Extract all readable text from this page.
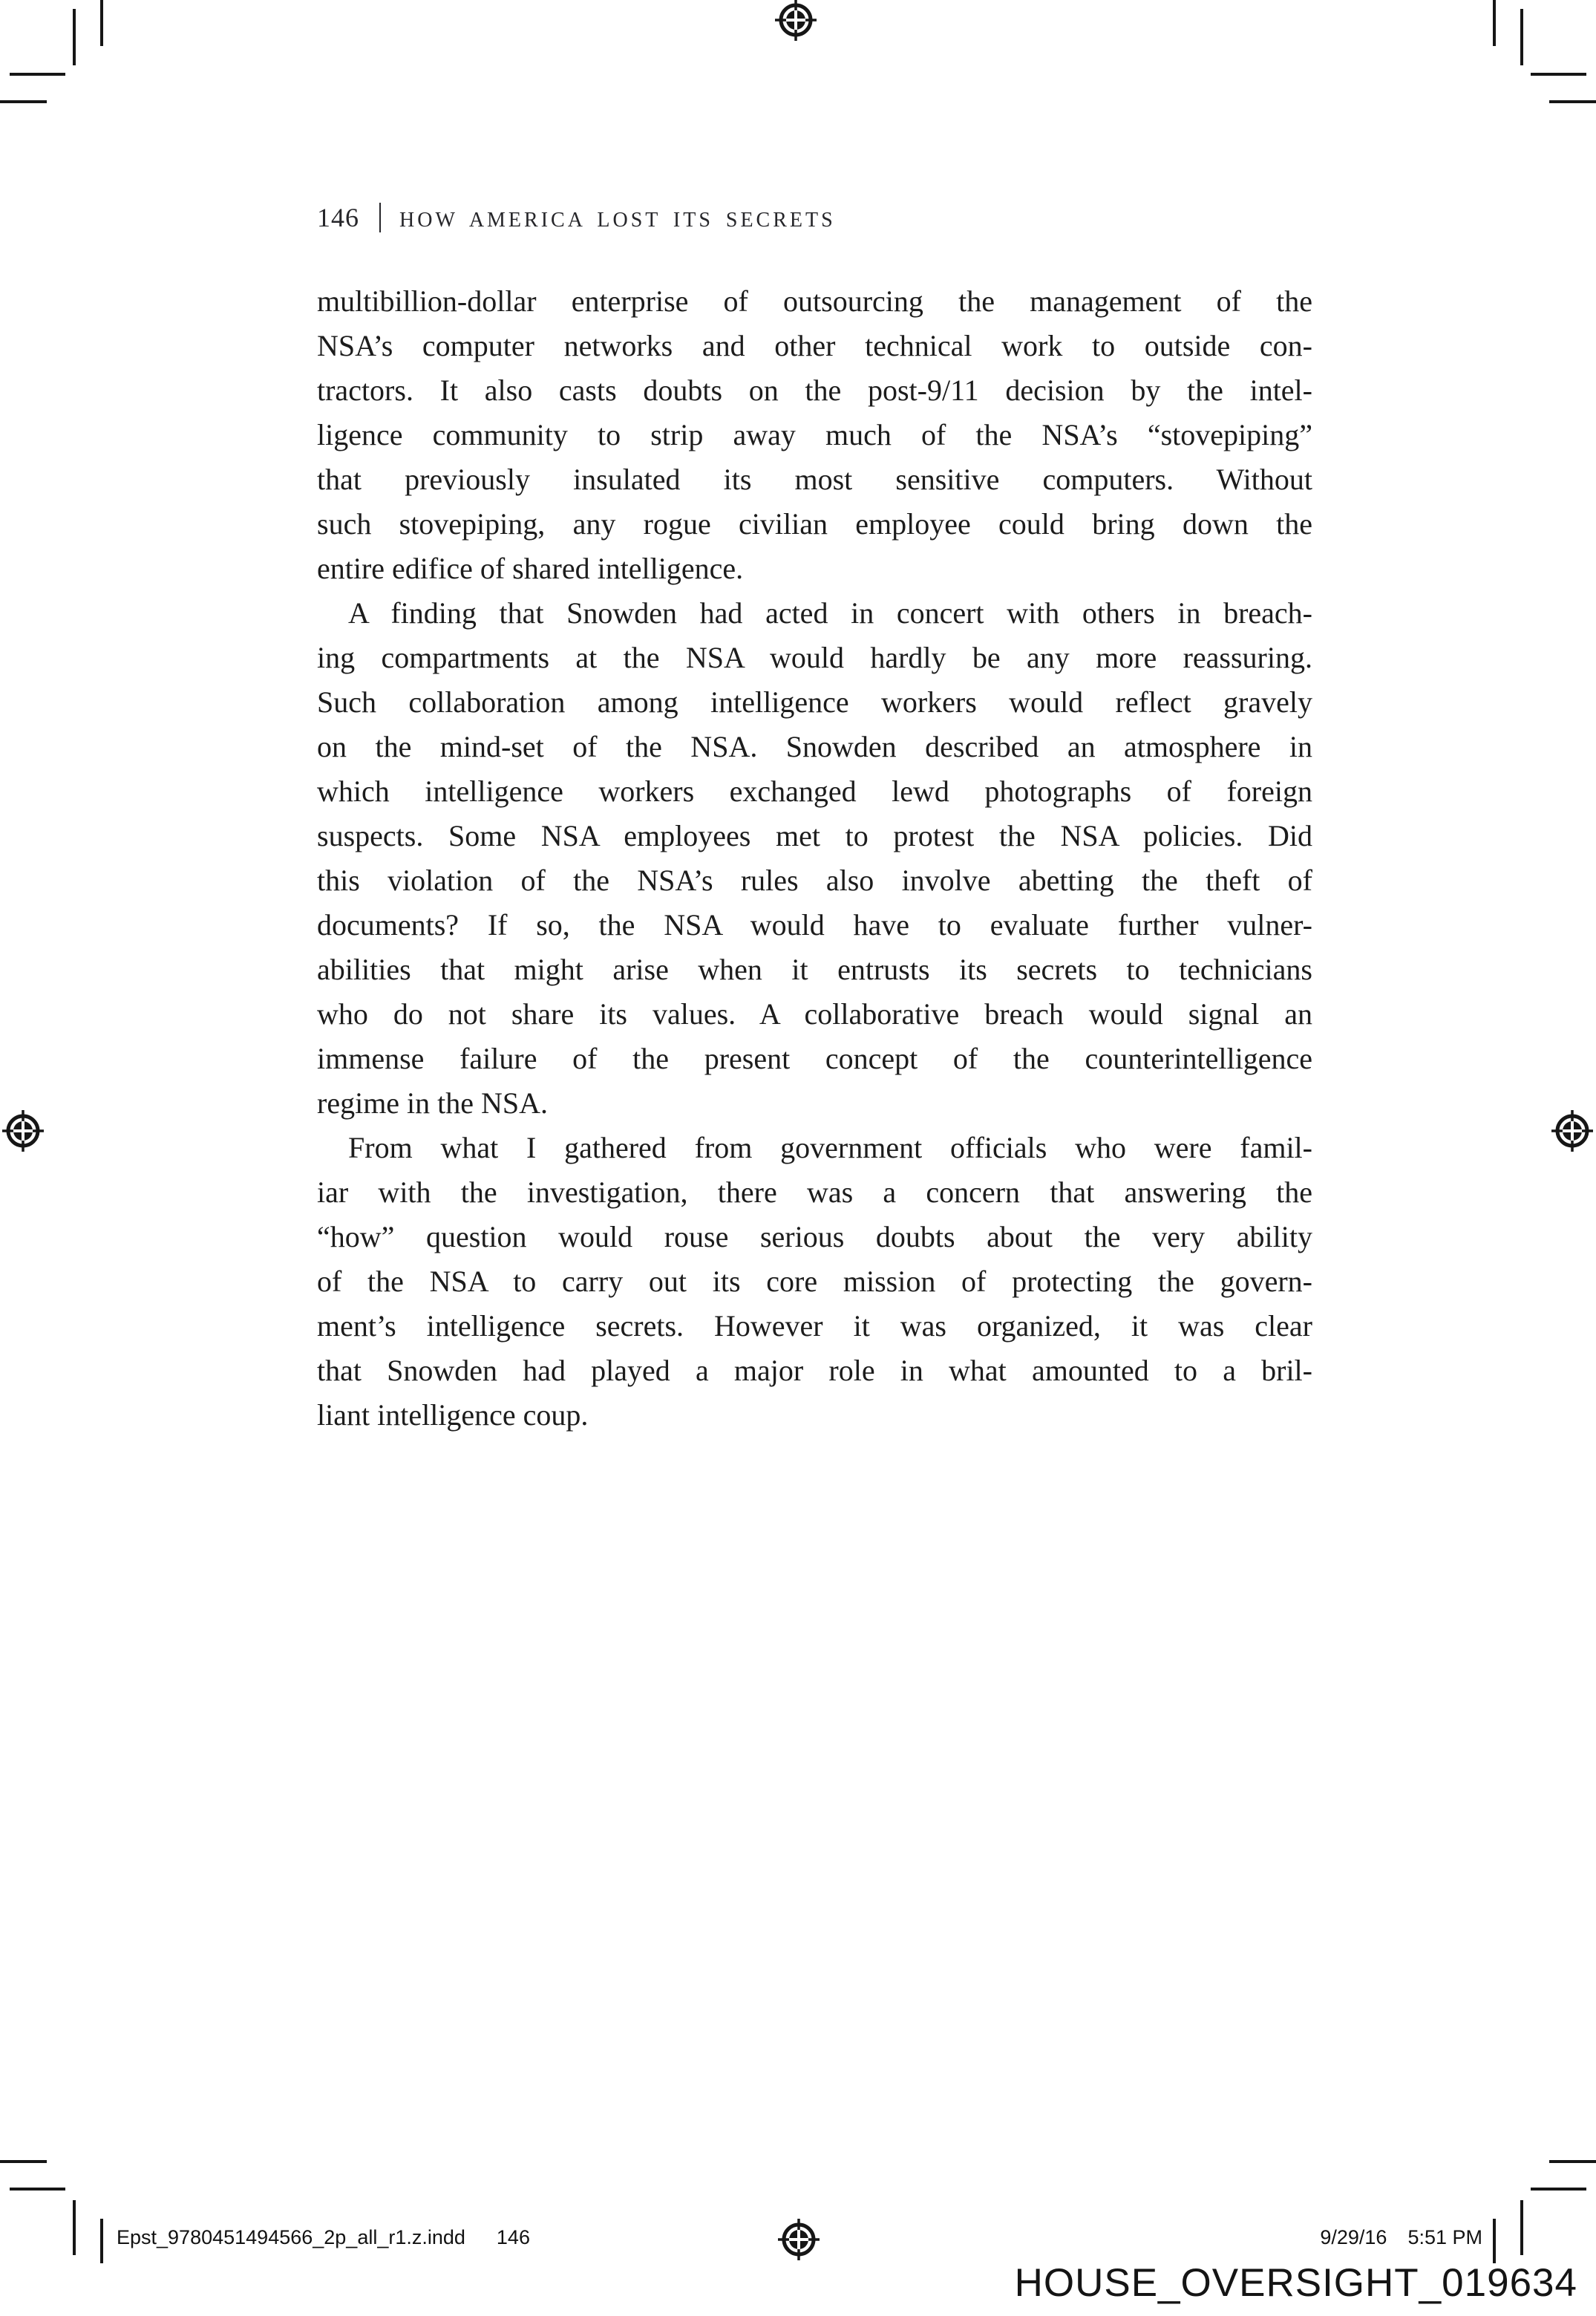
146 HOW AMERICA LOST ITS SECRETS
multibillion-dollar enterprise of outsourcing the management of the
NSA’s computer networks and other technical work to outside con-
tractors. It also casts doubts on the post-9/11 decision by the intel-
ligence community to strip away much of the NSA’s “stovepiping”
that previously insulated its most sensitive computers. Without
such stovepiping, any rogue civilian employee could bring down the
entire edifice of shared intelligence.
A finding that Snowden had acted in concert with others in breach-
ing compartments at the NSA would hardly be any more reassuring.
Such collaboration among intelligence workers would reflect gravely
on the mind-set of the NSA. Snowden described an atmosphere in
which intelligence workers exchanged lewd photographs of foreign
suspects. Some NSA employees met to protest the NSA policies. Did
this violation of the NSA’s rules also involve abetting the theft of
documents? If so, the NSA would have to evaluate further vulner-
abilities that might arise when it entrusts its secrets to technicians
who do not share its values. A collaborative breach would signal an
immense failure of the present concept of the counterintelligence
regime in the NSA.
From what I gathered from government officials who were famil-
iar with the investigation, there was a concern that answering the
“how” question would rouse serious doubts about the very ability
of the NSA to carry out its core mission of protecting the govern-
ment’s intelligence secrets. However it was organized, it was clear
that Snowden had played a major role in what amounted to a bril-
liant intelligence coup.
Epst_9780451494566_2p_all_r1.z.indd 146	9/29/16 5:51 PM
HOUSE_OVERSIGHT_019634
